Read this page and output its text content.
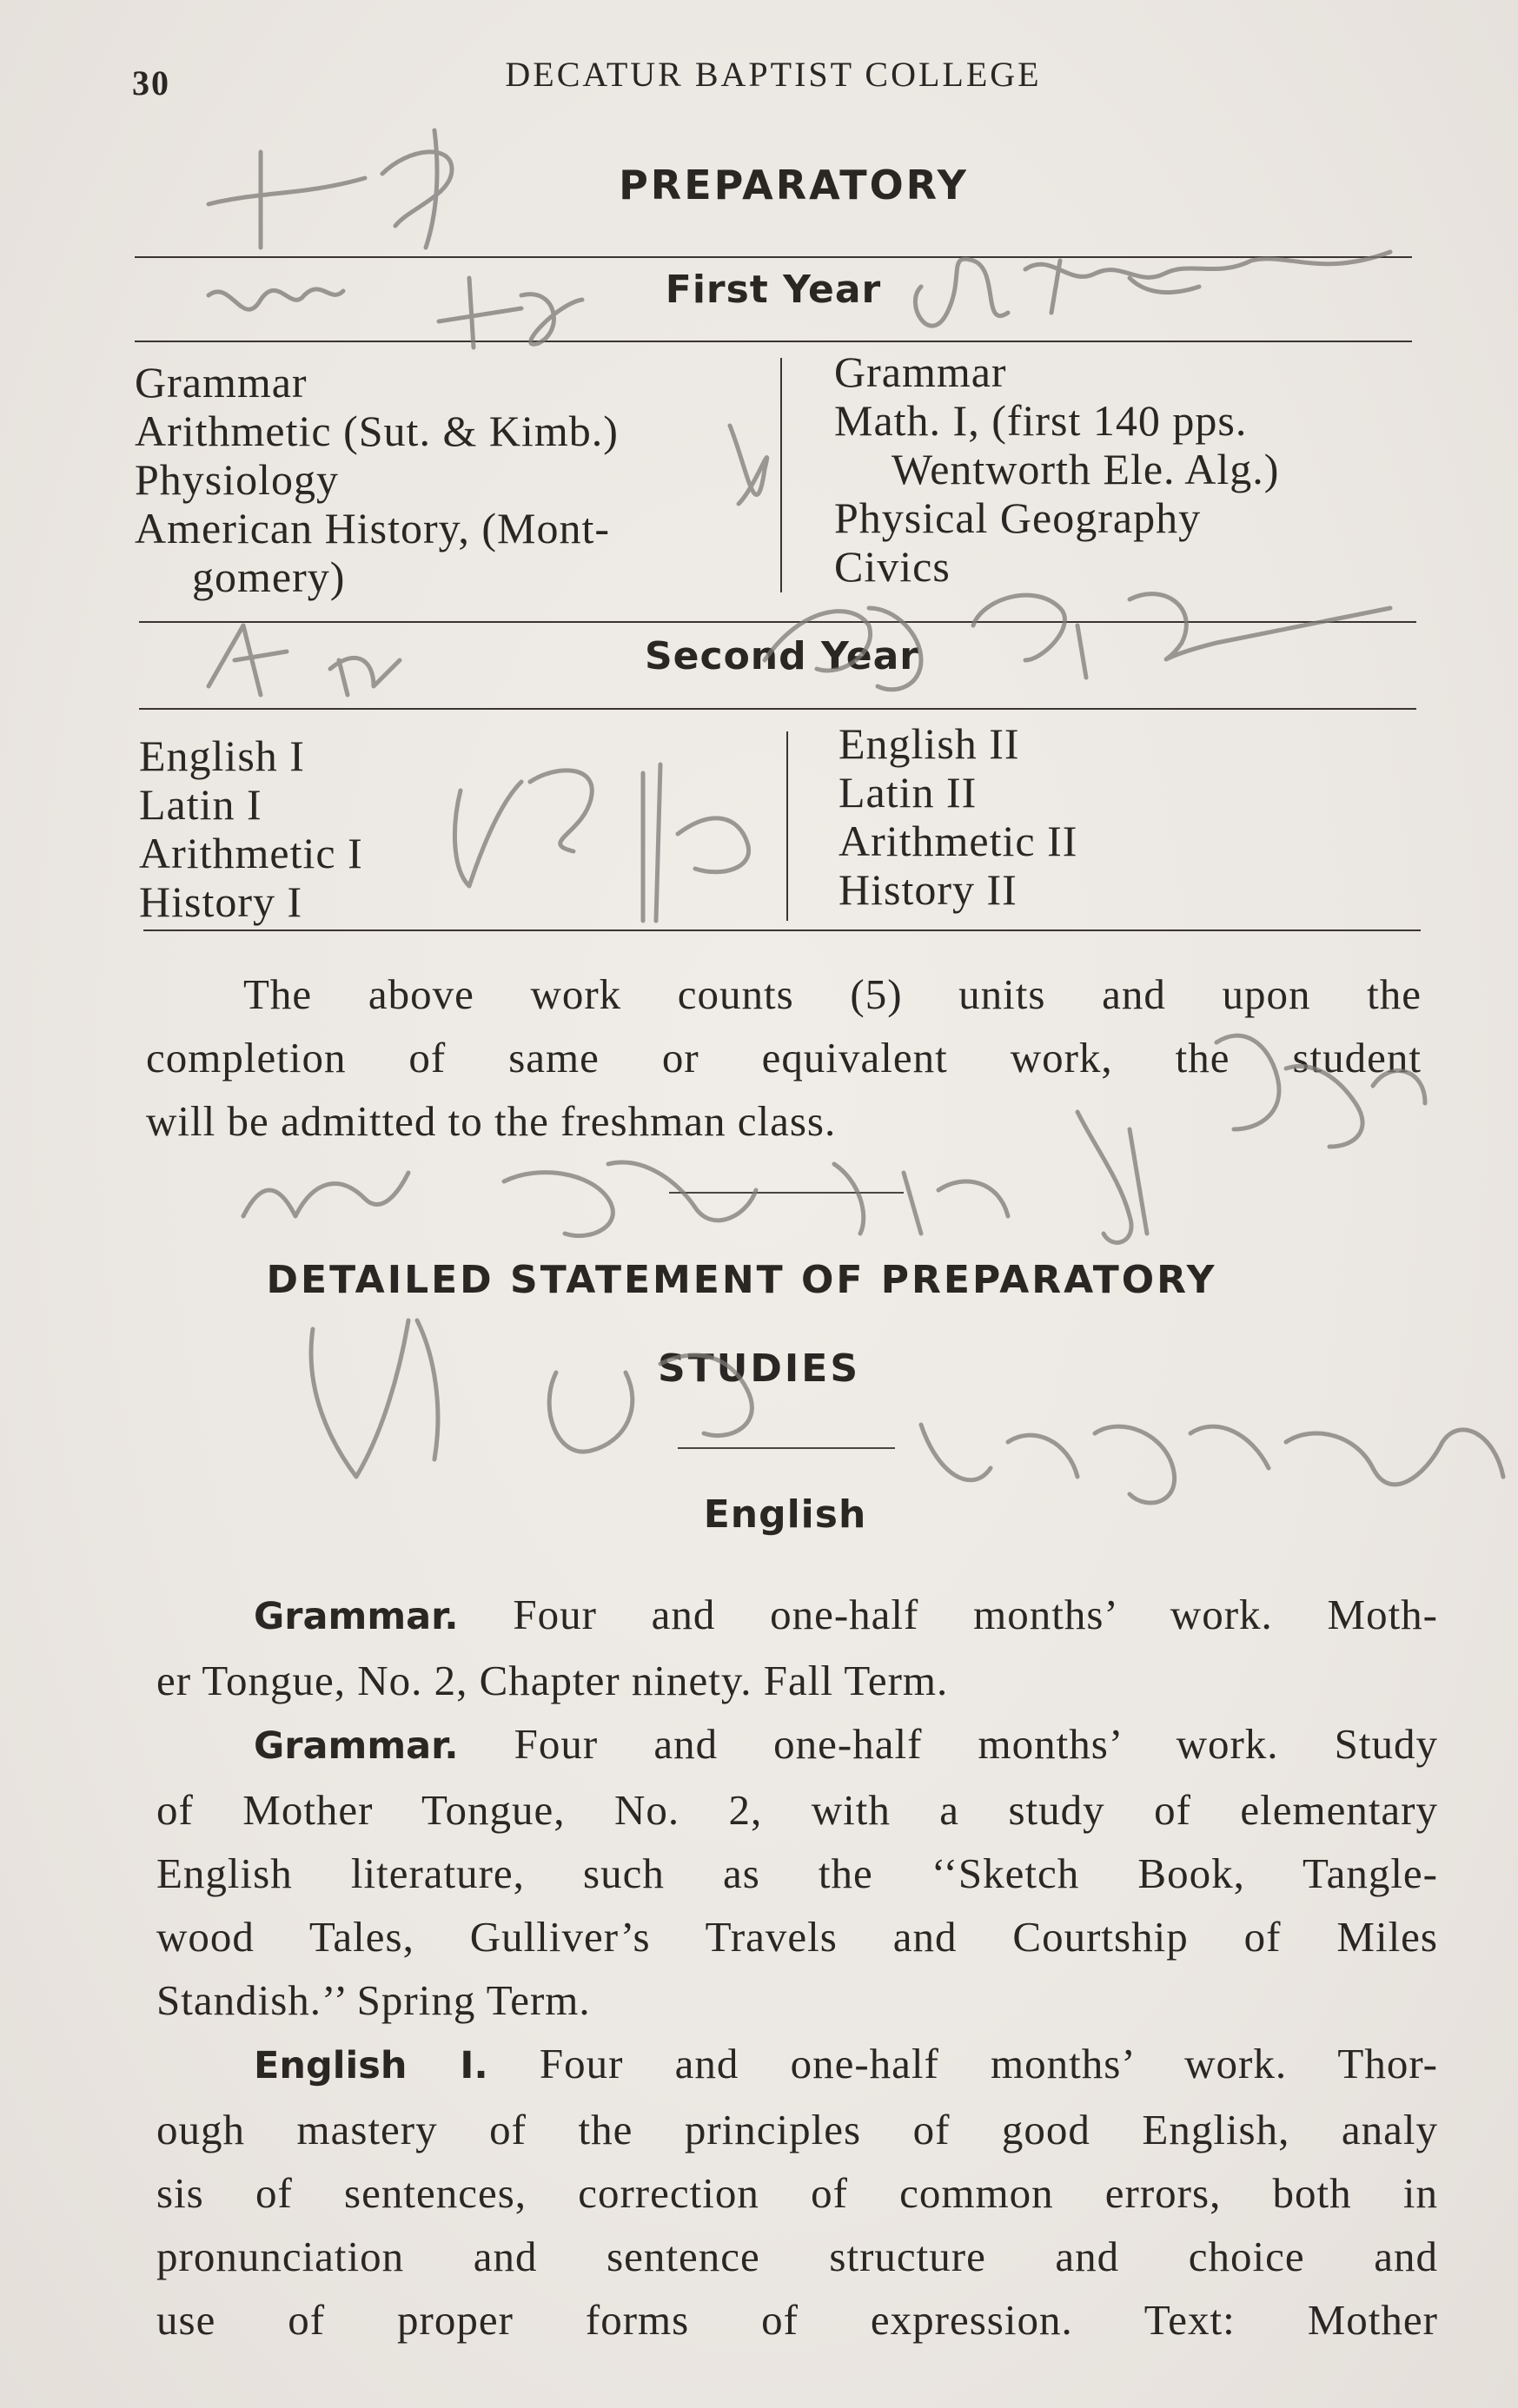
30	DECATUR BAPTIST COLLEGE
PREPARATORY
First Year
Grammar
Arithmetic (Sut. & Kimb.)
Physiology
American History, (Mont-
gomery)
Grammar
Math. I, (first 140 pps.
Wentworth Ele. Alg.)
Physical Geography
Civics
Second Year
English I
Latin I
Arithmetic I
History I
English II
Latin II
Arithmetic II
History II
The above work counts (5) units and upon the
completion of same or equivalent work, the student
will be admitted to the freshman class.
DETAILED STATEMENT OF PREPARATORY
STUDIES
English
Grammar. Four and one-half months’ work. Moth-
er Tongue, No. 2, Chapter ninety. Fall Term.
Grammar. Four and one-half months’ work. Study
of Mother Tongue, No. 2, with a study of elementary
English literature, such as the ‘‘Sketch Book, Tangle-
wood Tales, Gulliver’s Travels and Courtship of Miles
Standish.’’ Spring Term.
English I. Four and one-half months’ work. Thor-
ough mastery of the principles of good English, analy
sis of sentences, correction of common errors, both in
pronunciation and sentence structure and choice and
use of proper forms of expression. Text: Mother
